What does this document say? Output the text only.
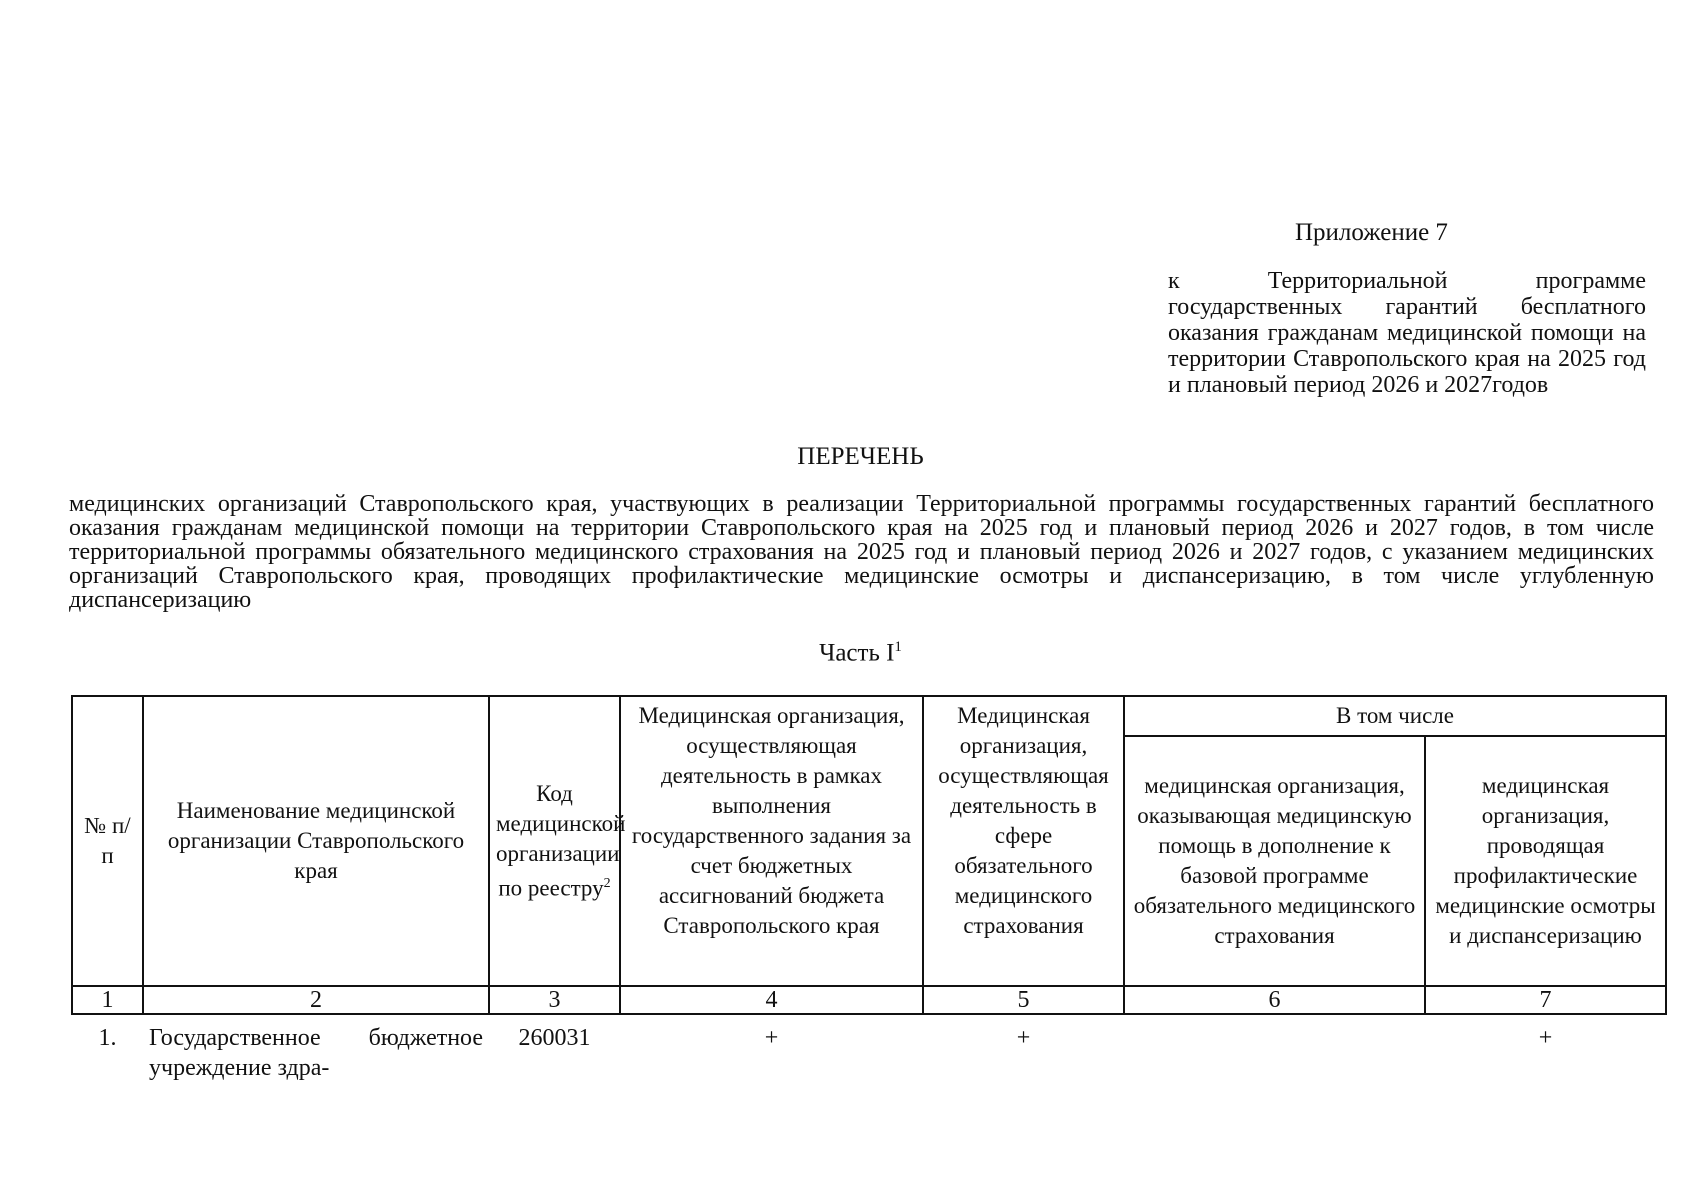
Приложение 7
к Территориальной программе государственных гарантий бесплатного оказания гражданам медицинской помощи на территории Ставропольского края на 2025 год и плановый период 2026 и 2027годов
ПЕРЕЧЕНЬ
медицинских организаций Ставропольского края, участвующих в реализации Территориальной программы государственных гарантий бесплатного оказания гражданам медицинской помощи на территории Ставропольского края на 2025 год и плановый период 2026 и 2027 годов, в том числе территориальной программы обязательного медицинского страхования на 2025 год и плановый период 2026 и 2027 годов, с указанием медицинских организаций Ставропольского края, проводящих профилактические медицинские осмотры и диспансеризацию, в том числе углубленную диспансеризацию
Часть $I^1$
№ п/п	Наименование медицинской организации Ставропольского края	Код медицинской организации по реестру$^2$	Медицинская организация, осуществляющая деятельность в рамках выполнения государственного задания за счет бюджетных ассигнований бюджета Ставропольского края	Медицинская организация, осуществляющая деятельность в сфере обязательного медицинского страхования	В том числе	
					медицинская организация, оказывающая медицинскую помощь в дополнение к базовой программе обязательного медицинского страхования	медицинская организация, проводящая профилактические медицинские осмотры и диспансеризацию
1	2	3	4	5	6	7
1.	Государственное бюджетное учреждение здра-	260031	+	+		+
